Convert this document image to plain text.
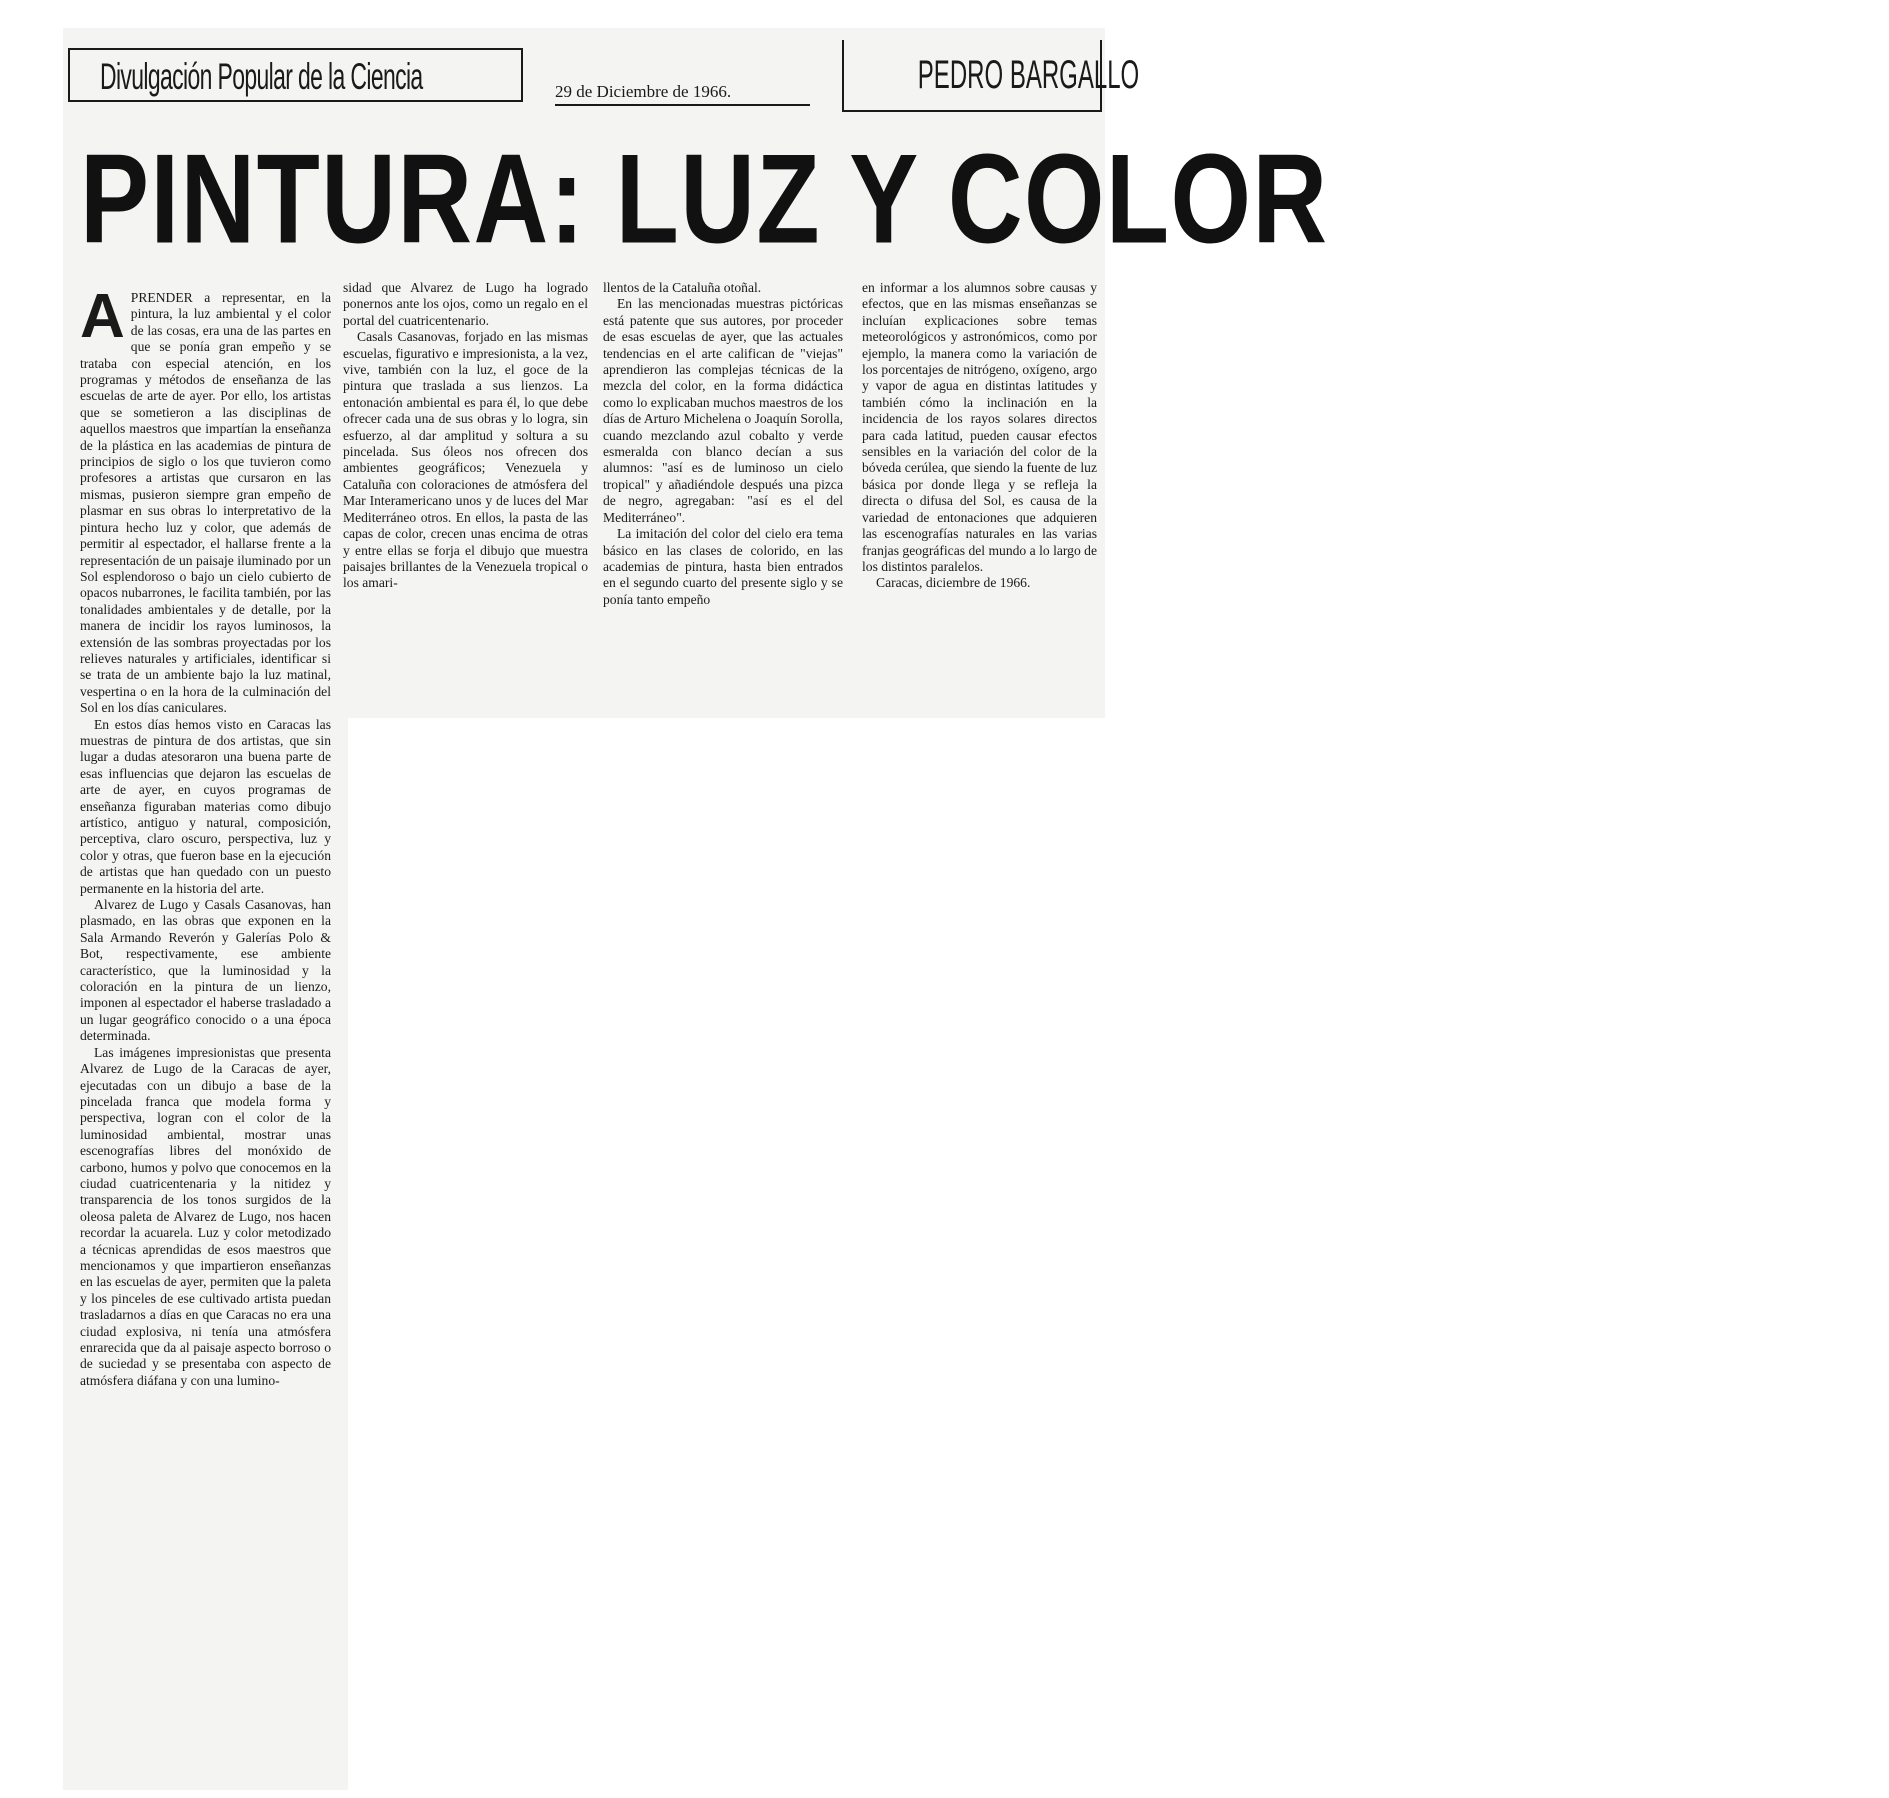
Divulgación Popular de la Ciencia	29 de Diciembre de 1966.	PEDRO BARGALLO
PINTURA: LUZ Y COLOR

APRENDER a representar, en la pintura, la luz ambiental y el color de las cosas, era una de las partes en que se ponía gran empeño y se trataba con especial atención, en los programas y métodos de enseñanza de las escuelas de arte de ayer. Por ello, los artistas que se sometieron a las disciplinas de aquellos maestros que impartían la enseñanza de la plástica en las academias de pintura de principios de siglo o los que tuvieron como profesores a artistas que cursaron en las mismas, pusieron siempre gran empeño de plasmar en sus obras lo interpretativo de la pintura hecho luz y color, que además de permitir al espectador, el hallarse frente a la representación de un paisaje iluminado por un Sol esplendoroso o bajo un cielo cubierto de opacos nubarrones, le facilita también, por las tonalidades ambientales y de detalle, por la manera de incidir los rayos luminosos, la extensión de las sombras proyectadas por los relieves naturales y artificiales, identificar si se trata de un ambiente bajo la luz matinal, vespertina o en la hora de la culminación del Sol en los días caniculares.

En estos días hemos visto en Caracas las muestras de pintura de dos artistas, que sin lugar a dudas atesoraron una buena parte de esas influencias que dejaron las escuelas de arte de ayer, en cuyos programas de enseñanza figuraban materias como dibujo artístico, antiguo y natural, composición, perceptiva, claro oscuro, perspectiva, luz y color y otras, que fueron base en la ejecución de artistas que han quedado con un puesto permanente en la historia del arte.

Alvarez de Lugo y Casals Casanovas, han plasmado, en las obras que exponen en la Sala Armando Reverón y Galerías Polo & Bot, respectivamente, ese ambiente característico, que la luminosidad y la coloración en la pintura de un lienzo, imponen al espectador el haberse trasladado a un lugar geográfico conocido o a una época determinada.

Las imágenes impresionistas que presenta Alvarez de Lugo de la Caracas de ayer, ejecutadas con un dibujo a base de la pincelada franca que modela forma y perspectiva, logran con el color de la luminosidad ambiental, mostrar unas escenografías libres del monóxido de carbono, humos y polvo que conocemos en la ciudad cuatricentenaria y la nitidez y transparencia de los tonos surgidos de la oleosa paleta de Alvarez de Lugo, nos hacen recordar la acuarela. Luz y color metodizado a técnicas aprendidas de esos maestros que mencionamos y que impartieron enseñanzas en las escuelas de ayer, permiten que la paleta y los pinceles de ese cultivado artista puedan trasladarnos a días en que Caracas no era una ciudad explosiva, ni tenía una atmósfera enrarecida que da al paisaje aspecto borroso o de suciedad y se presentaba con aspecto de atmósfera diáfana y con una lumino-

sidad que Alvarez de Lugo ha logrado ponernos ante los ojos, como un regalo en el portal del cuatricentenario.

Casals Casanovas, forjado en las mismas escuelas, figurativo e impresionista, a la vez, vive, también con la luz, el goce de la pintura que traslada a sus lienzos. La entonación ambiental es para él, lo que debe ofrecer cada una de sus obras y lo logra, sin esfuerzo, al dar amplitud y soltura a su pincelada. Sus óleos nos ofrecen dos ambientes geográficos; Venezuela y Cataluña con coloraciones de atmósfera del Mar Interamericano unos y de luces del Mar Mediterráneo otros. En ellos, la pasta de las capas de color, crecen unas encima de otras y entre ellas se forja el dibujo que muestra paisajes brillantes de la Venezuela tropical o los amari-

llentos de la Cataluña otoñal.

En las mencionadas muestras pictóricas está patente que sus autores, por proceder de esas escuelas de ayer, que las actuales tendencias en el arte califican de "viejas" aprendieron las complejas técnicas de la mezcla del color, en la forma didáctica como lo explicaban muchos maestros de los días de Arturo Michelena o Joaquín Sorolla, cuando mezclando azul cobalto y verde esmeralda con blanco decían a sus alumnos: "así es de luminoso un cielo tropical" y añadiéndole después una pizca de negro, agregaban: "así es el del Mediterráneo".

La imitación del color del cielo era tema básico en las clases de colorido, en las academias de pintura, hasta bien entrados en el segundo cuarto del presente siglo y se ponía tanto empeño

en informar a los alumnos sobre causas y efectos, que en las mismas enseñanzas se incluían explicaciones sobre temas meteorológicos y astronómicos, como por ejemplo, la manera como la variación de los porcentajes de nitrógeno, oxígeno, argo y vapor de agua en distintas latitudes y también cómo la inclinación en la incidencia de los rayos solares directos para cada latitud, pueden causar efectos sensibles en la variación del color de la bóveda cerúlea, que siendo la fuente de luz básica por donde llega y se refleja la directa o difusa del Sol, es causa de la variedad de entonaciones que adquieren las escenografías naturales en las varias franjas geográficas del mundo a lo largo de los distintos paralelos.

Caracas, diciembre de 1966.
